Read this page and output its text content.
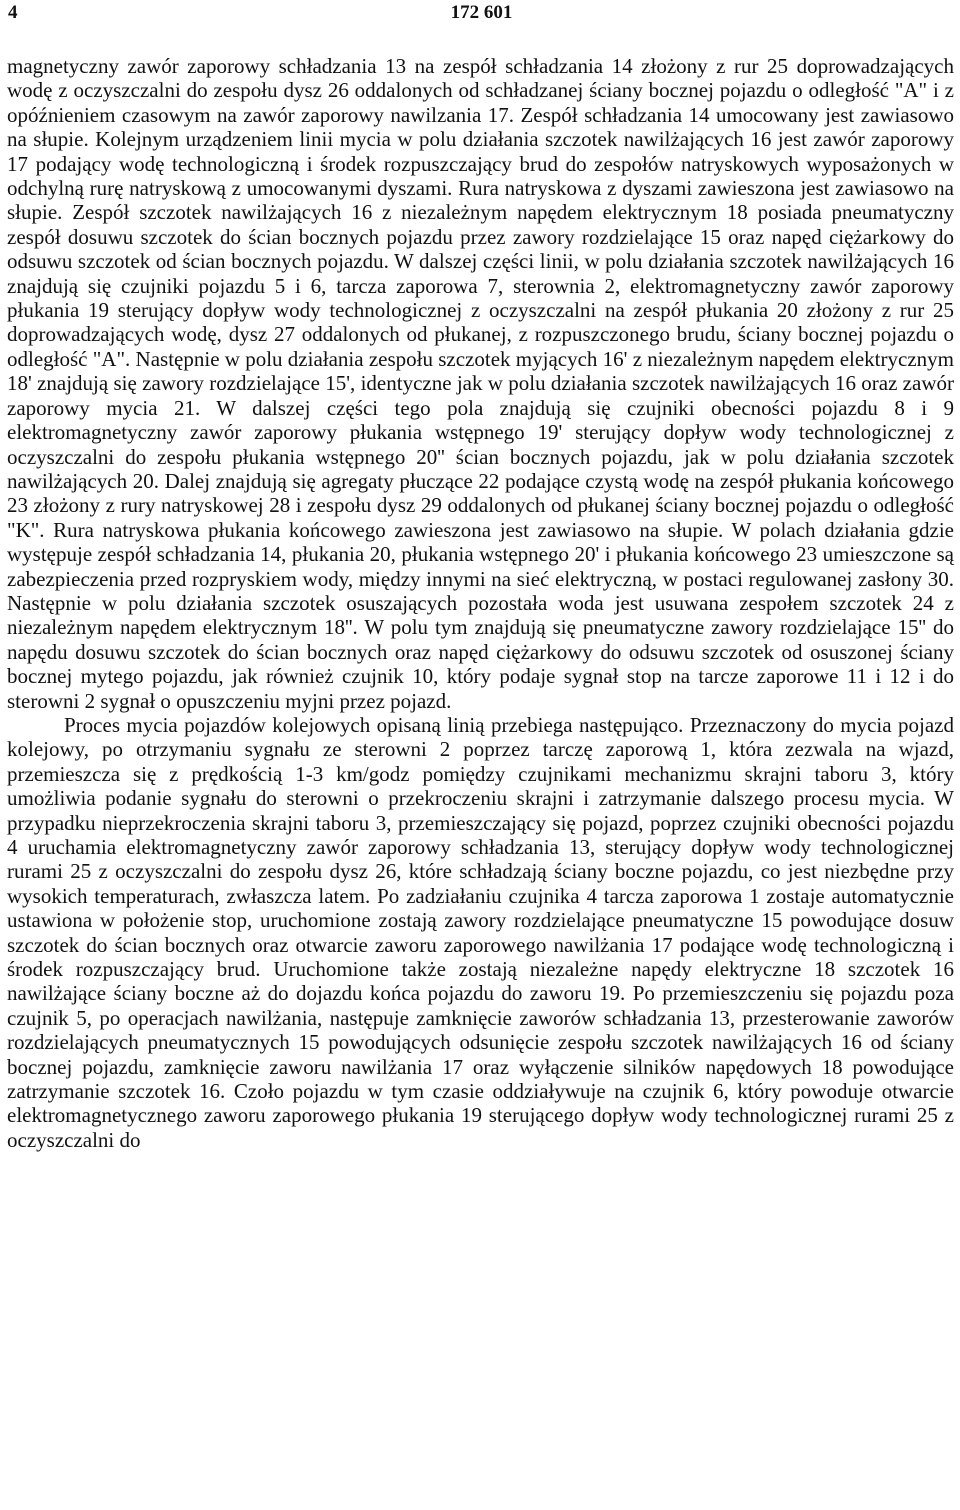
4	172 601

magnetyczny zawór zaporowy schładzania 13 na zespół schładzania 14 złożony z rur 25 doprowadzających wodę z oczyszczalni do zespołu dysz 26 oddalonych od schładzanej ściany bocznej pojazdu o odległość "A" i z opóźnieniem czasowym na zawór zaporowy nawilzania 17. Zespół schładzania 14 umocowany jest zawiasowo na słupie. Kolejnym urządzeniem linii mycia w polu działania szczotek nawilżających 16 jest zawór zaporowy 17 podający wodę technologiczną i środek rozpuszczający brud do zespołów natryskowych wyposażonych w odchylną rurę natryskową z umocowanymi dyszami. Rura natryskowa z dyszami zawieszona jest zawiasowo na słupie. Zespół szczotek nawilżających 16 z niezależnym napędem elektrycznym 18 posiada pneumatyczny zespół dosuwu szczotek do ścian bocznych pojazdu przez zawory rozdzielające 15 oraz napęd ciężarkowy do odsuwu szczotek od ścian bocznych pojazdu. W dalszej części linii, w polu działania szczotek nawilżających 16 znajdują się czujniki pojazdu 5 i 6, tarcza zaporowa 7, sterownia 2, elektromagnetyczny zawór zaporowy płukania 19 sterujący dopływ wody technologicznej z oczyszczalni na zespół płukania 20 złożony z rur 25 doprowadzających wodę, dysz 27 oddalonych od płukanej, z rozpuszczonego brudu, ściany bocznej pojazdu o odległość "A". Następnie w polu działania zespołu szczotek myjących 16' z niezależnym napędem elektrycznym 18' znajdują się zawory rozdzielające 15', identyczne jak w polu działania szczotek nawilżających 16 oraz zawór zaporowy mycia 21. W dalszej części tego pola znajdują się czujniki obecności pojazdu 8 i 9 elektromagnetyczny zawór zaporowy płukania wstępnego 19' sterujący dopływ wody technologicznej z oczyszczalni do zespołu płukania wstępnego 20'' ścian bocznych pojazdu, jak w polu działania szczotek nawilżających 20. Dalej znajdują się agregaty płuczące 22 podające czystą wodę na zespół płukania końcowego 23 złożony z rury natryskowej 28 i zespołu dysz 29 oddalonych od płukanej ściany bocznej pojazdu o odległość "K". Rura natryskowa płukania końcowego zawieszona jest zawiasowo na słupie. W polach działania gdzie występuje zespół schładzania 14, płukania 20, płukania wstępnego 20' i płukania końcowego 23 umieszczone są zabezpieczenia przed rozpryskiem wody, między innymi na sieć elektryczną, w postaci regulowanej zasłony 30. Następnie w polu działania szczotek osuszających pozostała woda jest usuwana zespołem szczotek 24 z niezależnym napędem elektrycznym 18''. W polu tym znajdują się pneumatyczne zawory rozdzielające 15'' do napędu dosuwu szczotek do ścian bocznych oraz napęd ciężarkowy do odsuwu szczotek od osuszonej ściany bocznej mytego pojazdu, jak również czujnik 10, który podaje sygnał stop na tarcze zaporowe 11 i 12 i do sterowni 2 sygnał o opuszczeniu myjni przez pojazd.

Proces mycia pojazdów kolejowych opisaną linią przebiega następująco. Przeznaczony do mycia pojazd kolejowy, po otrzymaniu sygnału ze sterowni 2 poprzez tarczę zaporową 1, która zezwala na wjazd, przemieszcza się z prędkością 1-3 km/godz pomiędzy czujnikami mechanizmu skrajni taboru 3, który umożliwia podanie sygnału do sterowni o przekroczeniu skrajni i zatrzymanie dalszego procesu mycia. W przypadku nieprzekroczenia skrajni taboru 3, przemieszczający się pojazd, poprzez czujniki obecności pojazdu 4 uruchamia elektromagnetyczny zawór zaporowy schładzania 13, sterujący dopływ wody technologicznej rurami 25 z oczyszczalni do zespołu dysz 26, które schładzają ściany boczne pojazdu, co jest niezbędne przy wysokich temperaturach, zwłaszcza latem. Po zadziałaniu czujnika 4 tarcza zaporowa 1 zostaje automatycznie ustawiona w położenie stop, uruchomione zostają zawory rozdzielające pneumatyczne 15 powodujące dosuw szczotek do ścian bocznych oraz otwarcie zaworu zaporowego nawilżania 17 podające wodę technologiczną i środek rozpuszczający brud. Uruchomione także zostają niezależne napędy elektryczne 18 szczotek 16 nawilżające ściany boczne aż do dojazdu końca pojazdu do zaworu 19. Po przemieszczeniu się pojazdu poza czujnik 5, po operacjach nawilżania, następuje zamknięcie zaworów schładzania 13, przesterowanie zaworów rozdzielających pneumatycznych 15 powodujących odsunięcie zespołu szczotek nawilżających 16 od ściany bocznej pojazdu, zamknięcie zaworu nawilżania 17 oraz wyłączenie silników napędowych 18 powodujące zatrzymanie szczotek 16. Czoło pojazdu w tym czasie oddziaływuje na czujnik 6, który powoduje otwarcie elektromagnetycznego zaworu zaporowego płukania 19 sterującego dopływ wody technologicznej rurami 25 z oczyszczalni do
